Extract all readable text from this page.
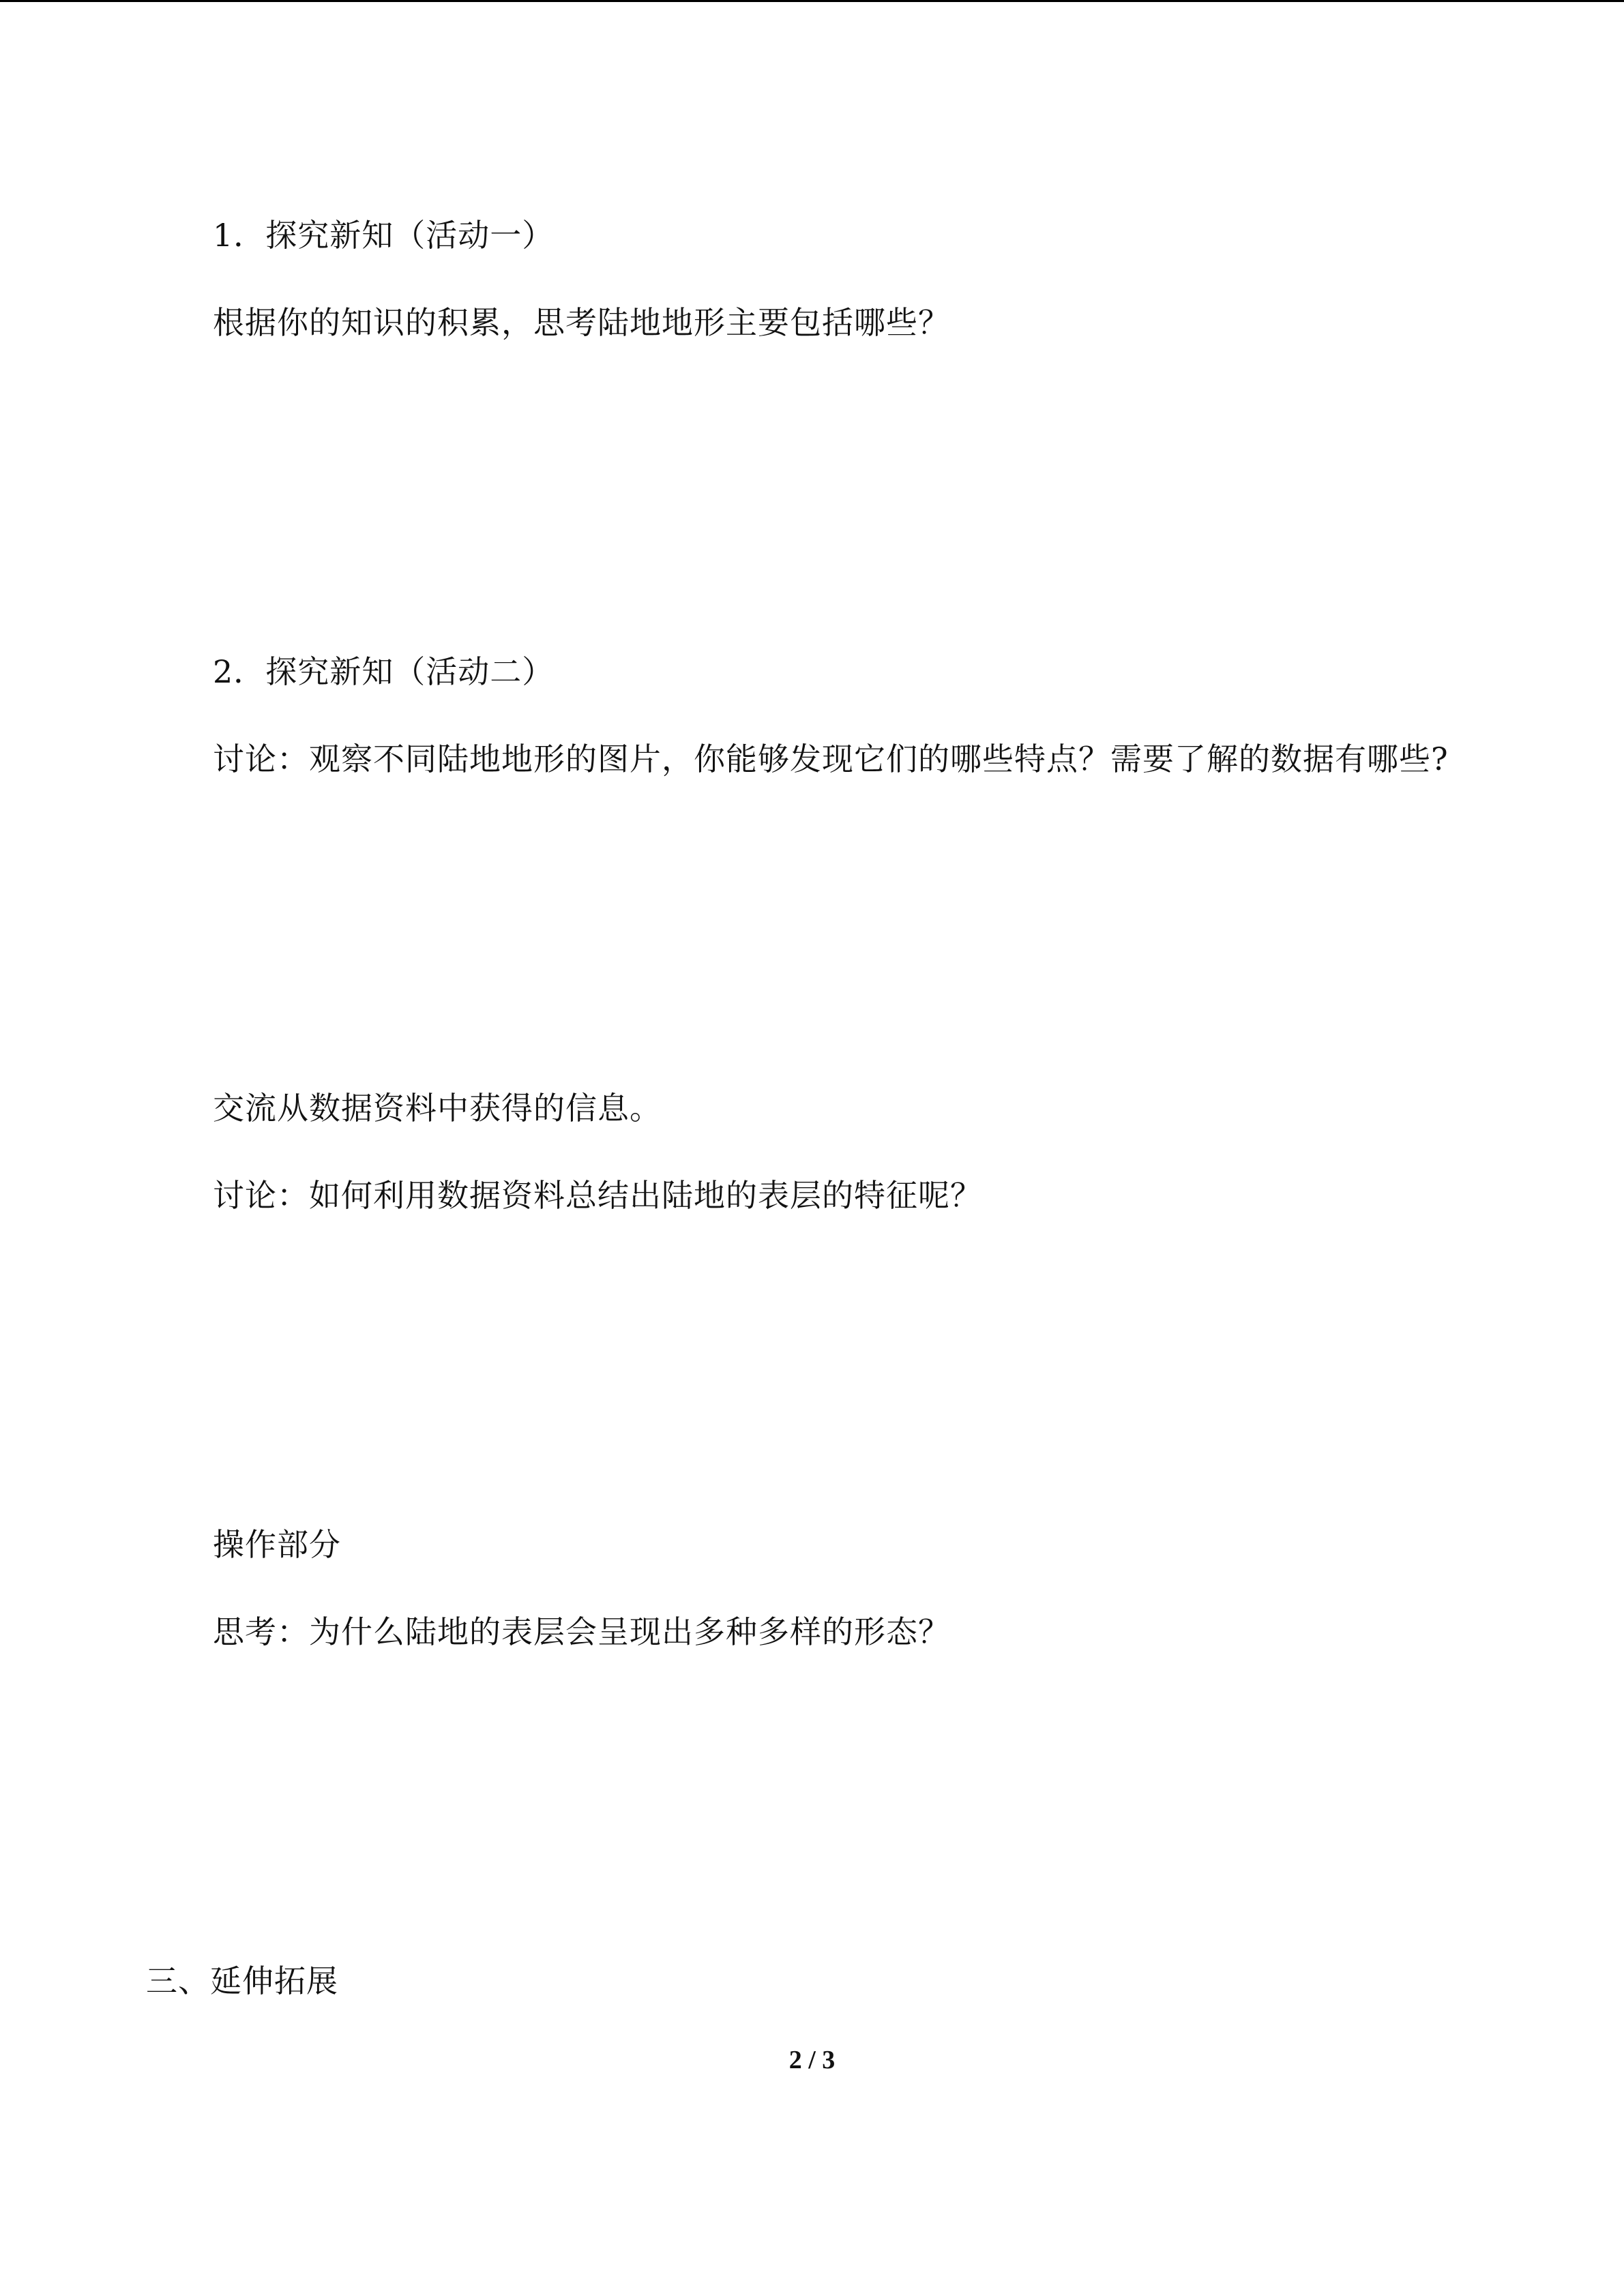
1．探究新知（活动一）
根据你的知识的积累，思考陆地地形主要包括哪些？
2．探究新知（活动二）
讨论：观察不同陆地地形的图片，你能够发现它们的哪些特点？需要了解的数据有哪些?
交流从数据资料中获得的信息。
讨论：如何利用数据资料总结出陆地的表层的特征呢？
操作部分
思考：为什么陆地的表层会呈现出多种多样的形态？
三、延伸拓展
2 / 3
